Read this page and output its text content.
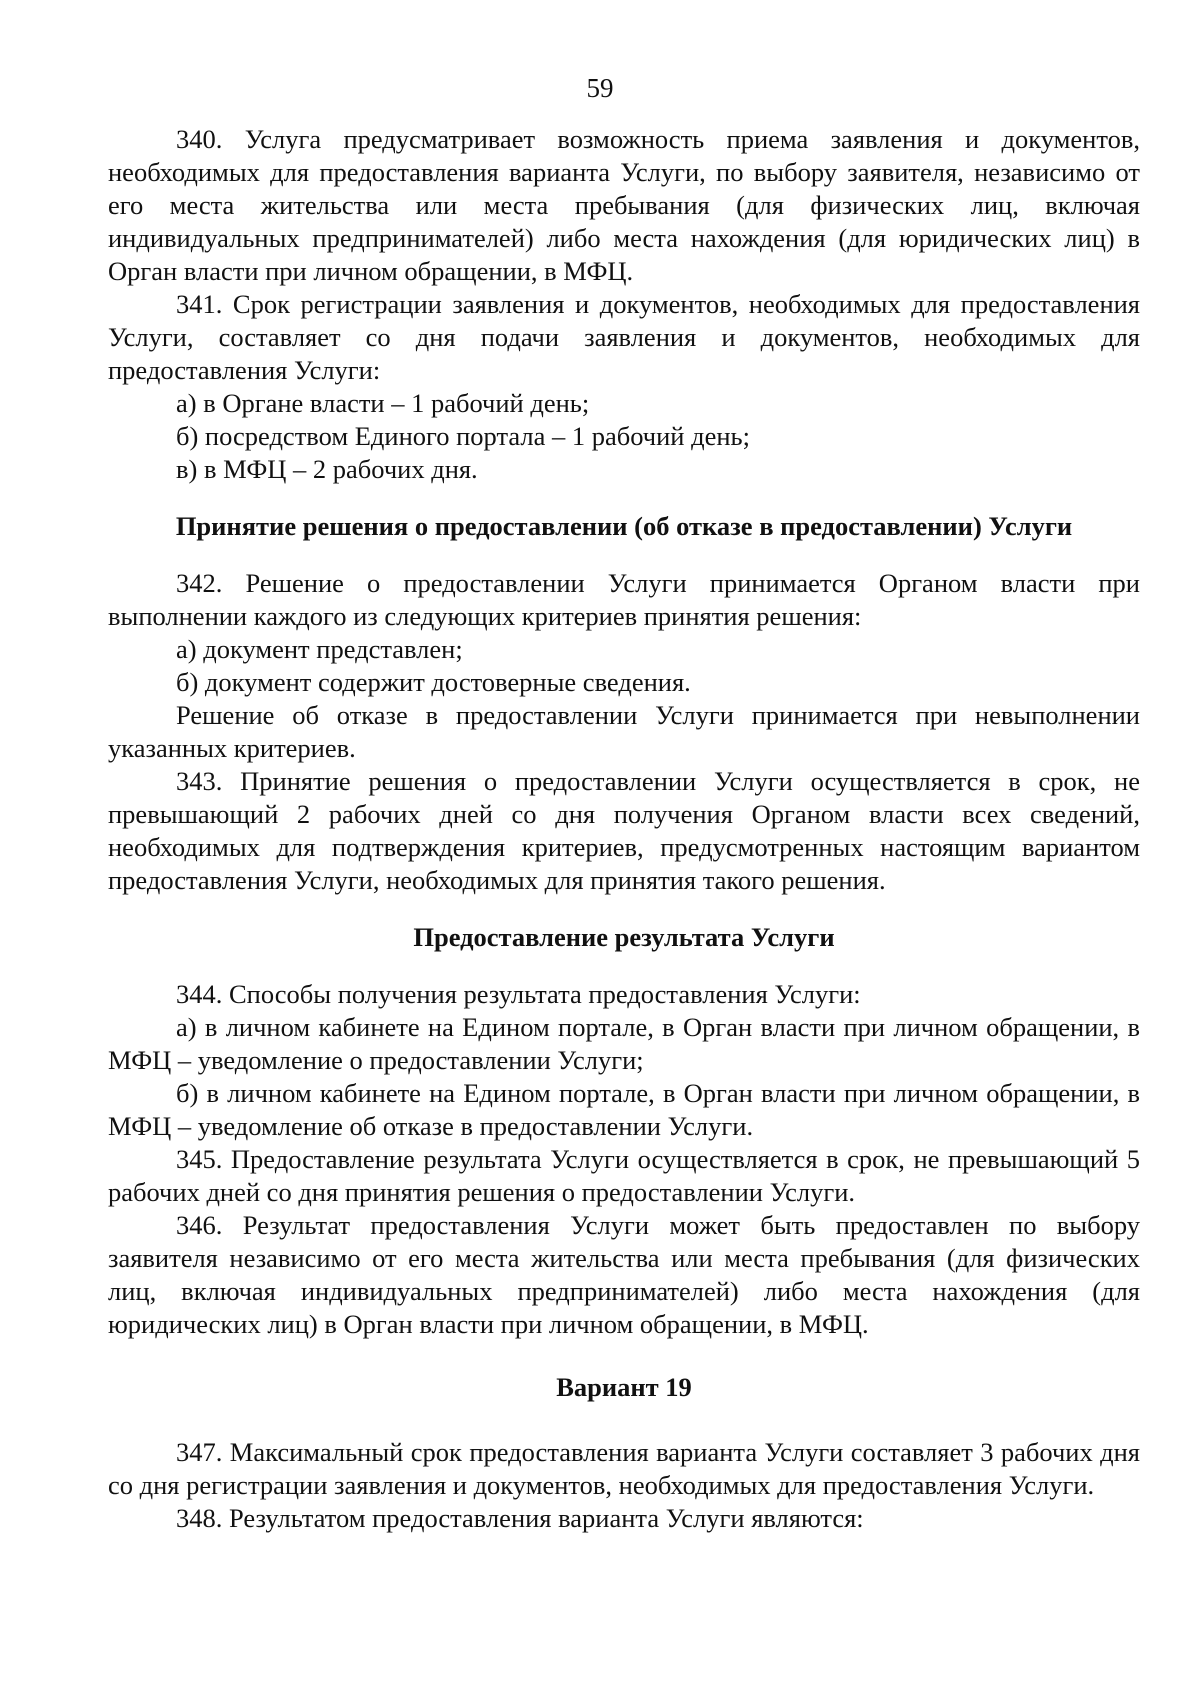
59

340. Услуга предусматривает возможность приема заявления и документов, необходимых для предоставления варианта Услуги, по выбору заявителя, независимо от его места жительства или места пребывания (для физических лиц, включая индивидуальных предпринимателей) либо места нахождения (для юридических лиц) в Орган власти при личном обращении, в МФЦ.

341. Срок регистрации заявления и документов, необходимых для предоставления Услуги, составляет со дня подачи заявления и документов, необходимых для предоставления Услуги:

а) в Органе власти – 1 рабочий день;

б) посредством Единого портала – 1 рабочий день;

в) в МФЦ – 2 рабочих дня.

Принятие решения о предоставлении (об отказе в предоставлении) Услуги

342. Решение о предоставлении Услуги принимается Органом власти при выполнении каждого из следующих критериев принятия решения:

а) документ представлен;

б) документ содержит достоверные сведения.

Решение об отказе в предоставлении Услуги принимается при невыполнении указанных критериев.

343. Принятие решения о предоставлении Услуги осуществляется в срок, не превышающий 2 рабочих дней со дня получения Органом власти всех сведений, необходимых для подтверждения критериев, предусмотренных настоящим вариантом предоставления Услуги, необходимых для принятия такого решения.

Предоставление результата Услуги

344. Способы получения результата предоставления Услуги:

а) в личном кабинете на Едином портале, в Орган власти при личном обращении, в МФЦ – уведомление о предоставлении Услуги;

б) в личном кабинете на Едином портале, в Орган власти при личном обращении, в МФЦ – уведомление об отказе в предоставлении Услуги.

345. Предоставление результата Услуги осуществляется в срок, не превышающий 5 рабочих дней со дня принятия решения о предоставлении Услуги.

346. Результат предоставления Услуги может быть предоставлен по выбору заявителя независимо от его места жительства или места пребывания (для физических лиц, включая индивидуальных предпринимателей) либо места нахождения (для юридических лиц) в Орган власти при личном обращении, в МФЦ.

Вариант 19

347. Максимальный срок предоставления варианта Услуги составляет 3 рабочих дня со дня регистрации заявления и документов, необходимых для предоставления Услуги.

348. Результатом предоставления варианта Услуги являются:
